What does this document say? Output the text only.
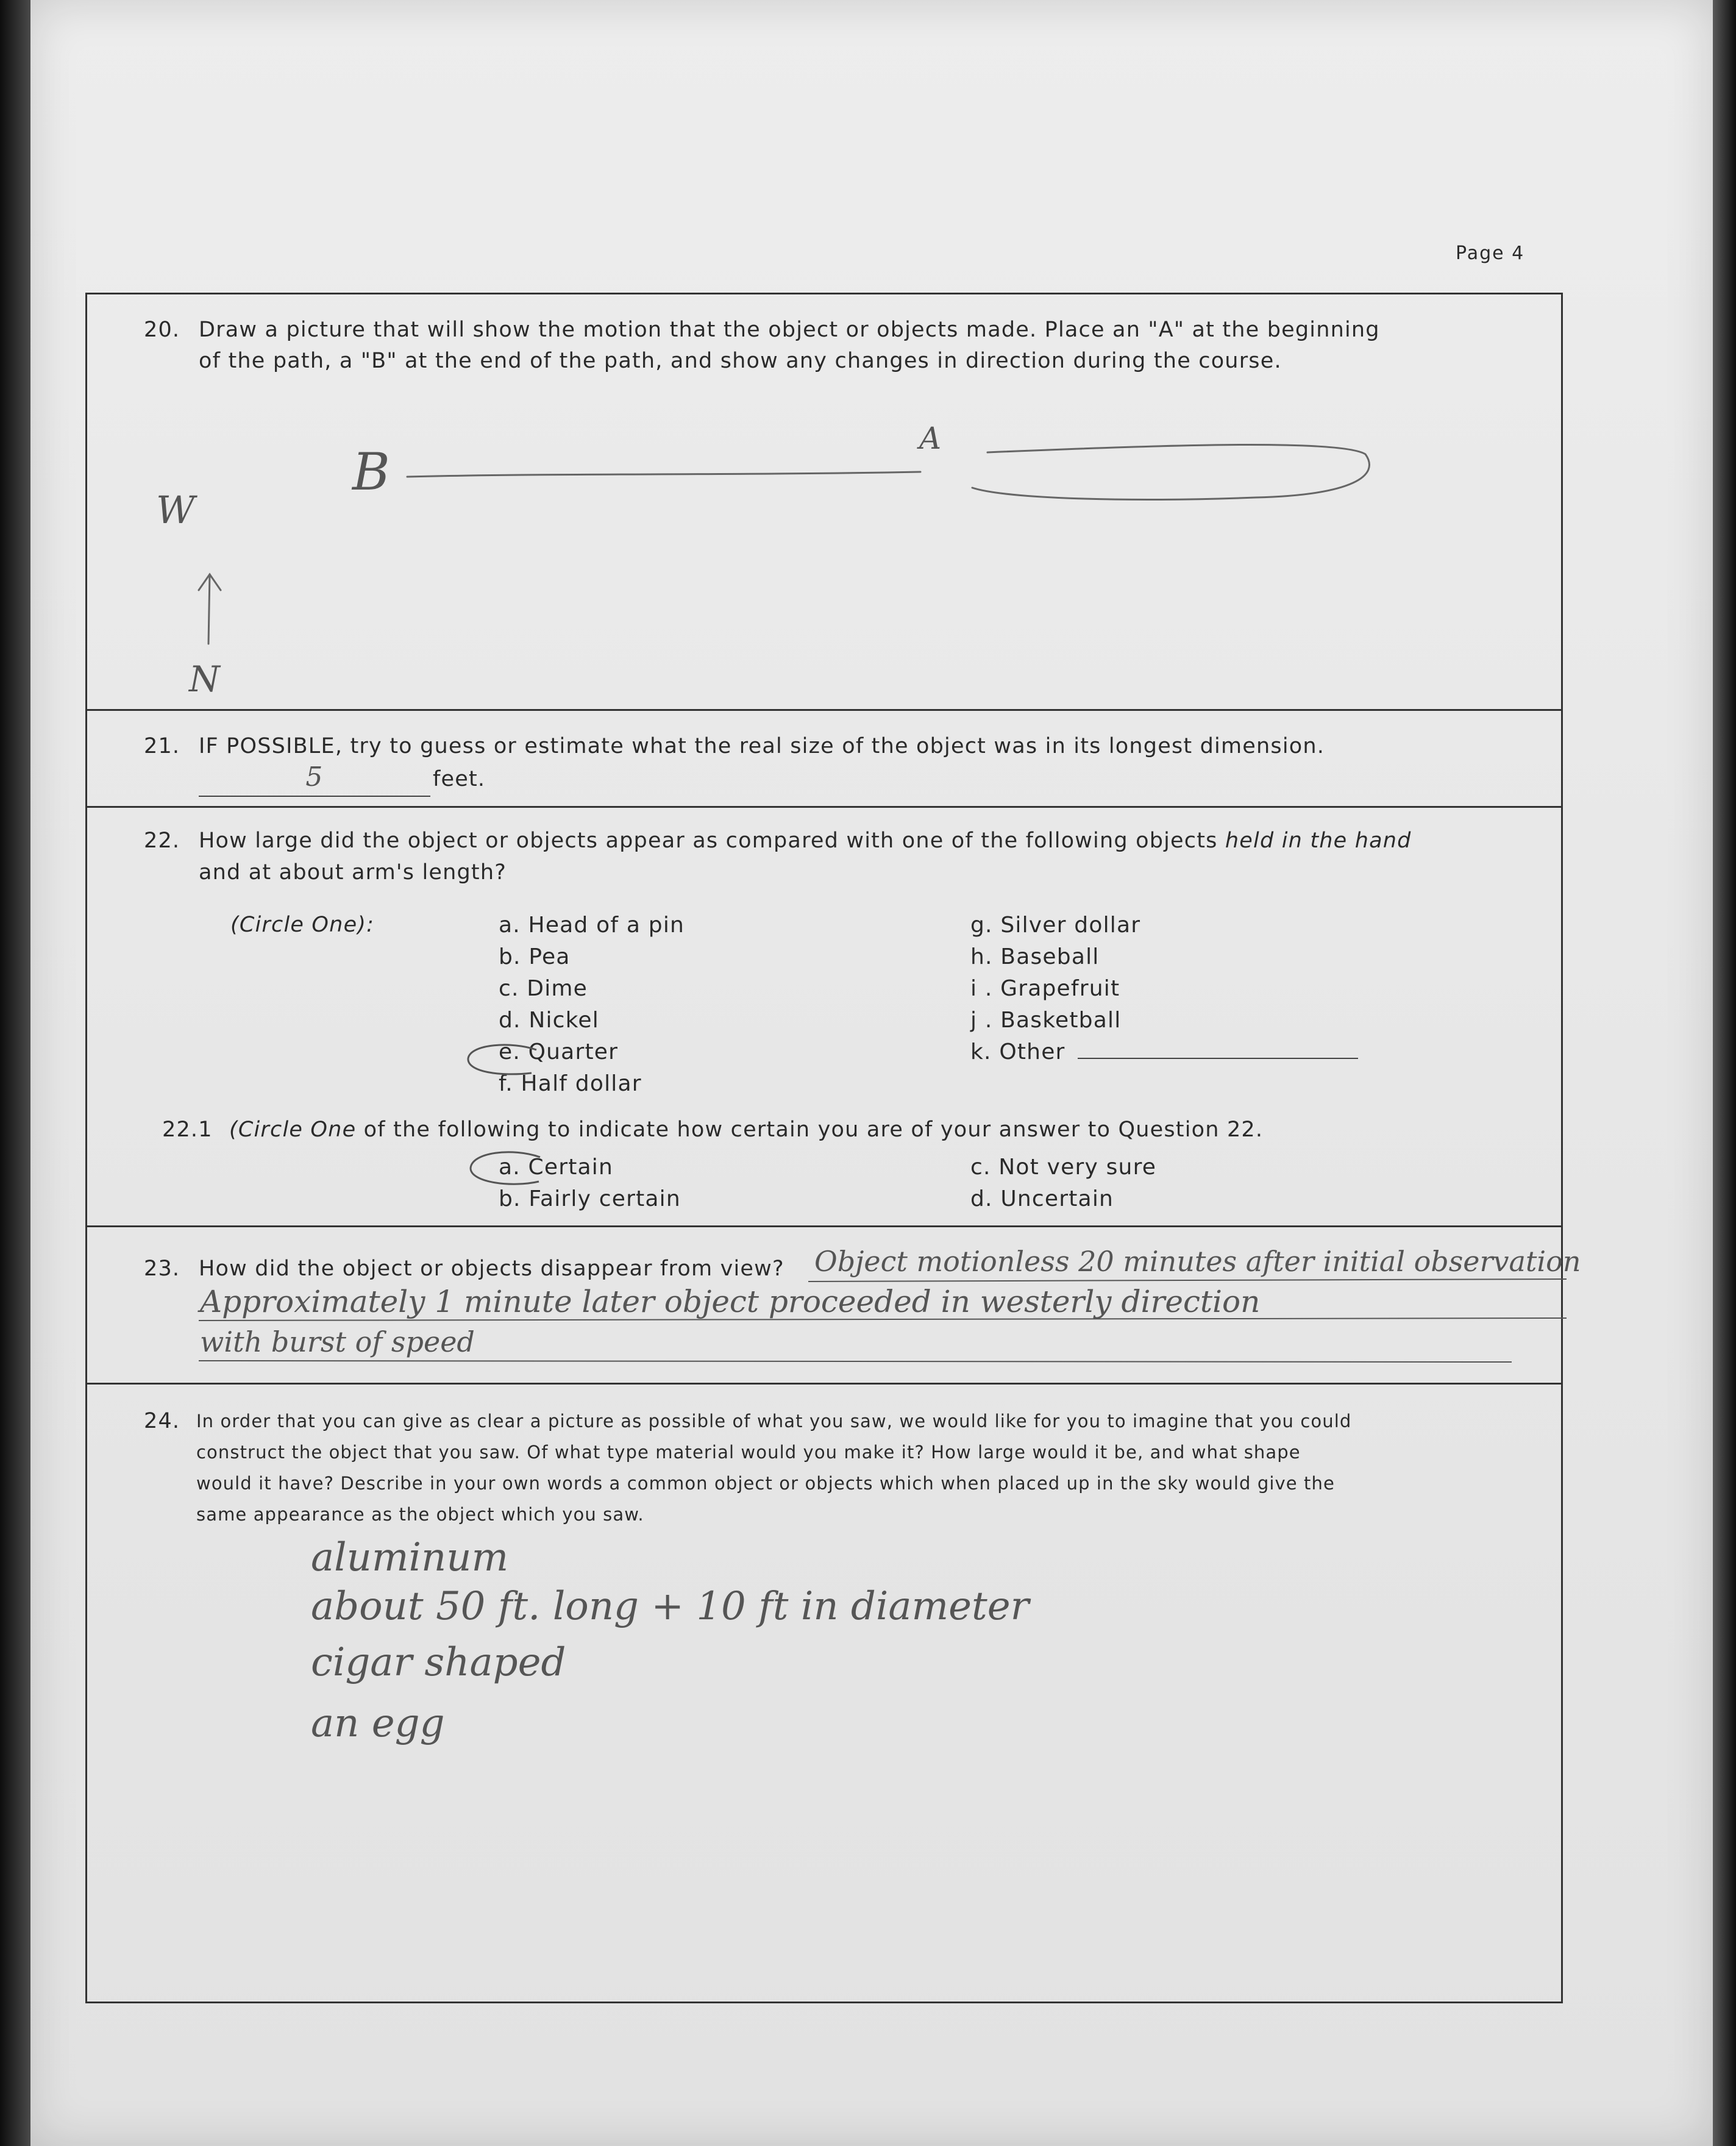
Page 4
20. Draw a picture that will show the motion that the object or objects made. Place an "A" at the beginning
of the path, a "B" at the end of the path, and show any changes in direction during the course.
B
A
W
N
21. IF POSSIBLE, try to guess or estimate what the real size of the object was in its longest dimension.
5	feet.
22. How large did the object or objects appear as compared with one of the following objects held in the hand
and at about arm's length?
(Circle One):	a. Head of a pin
b. Pea
c. Dime
d. Nickel
e. Quarter
f. Half dollar
g. Silver dollar
h. Baseball
i . Grapefruit
j . Basketball
k. Other
22.1 (Circle One of the following to indicate how certain you are of your answer to Question 22.
a. Certain
b. Fairly certain
c. Not very sure
d. Uncertain
23. How did the object or objects disappear from view? Object motionless 20 minutes after initial observation
Approximately 1 minute later object proceeded in westerly direction
with burst of speed
24. In order that you can give as clear a picture as possible of what you saw, we would like for you to imagine that you could
construct the object that you saw. Of what type material would you make it? How large would it be, and what shape
would it have? Describe in your own words a common object or objects which when placed up in the sky would give the
same appearance as the object which you saw.
aluminum
about 50 ft. long + 10 ft in diameter
cigar shaped
an egg
